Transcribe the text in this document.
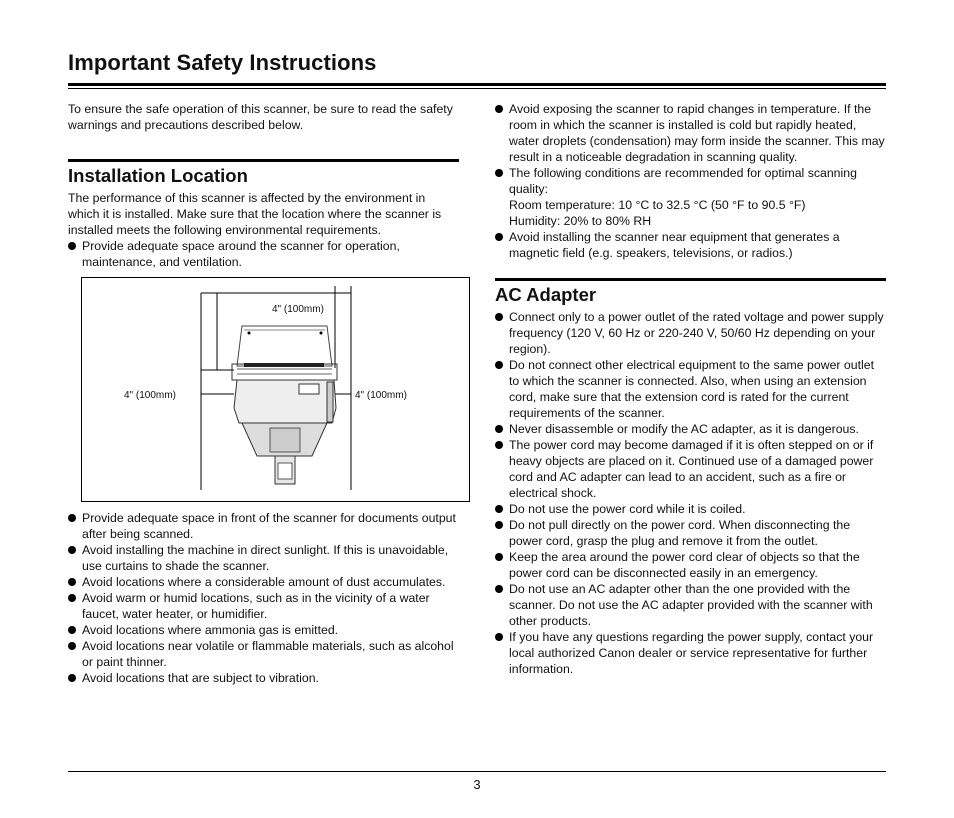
Important Safety Instructions

To ensure the safe operation of this scanner, be sure to read the safety warnings and precautions described below.

Installation Location

The performance of this scanner is affected by the environment in which it is installed. Make sure that the location where the scanner is installed meets the following environmental requirements.

Provide adequate space around the scanner for operation, maintenance, and ventilation.
4" (100mm)
4" (100mm)	4" (100mm)
Provide adequate space in front of the scanner for documents output after being scanned.
Avoid installing the machine in direct sunlight. If this is unavoidable, use curtains to shade the scanner.
Avoid locations where a considerable amount of dust accumulates.
Avoid warm or humid locations, such as in the vicinity of a water faucet, water heater, or humidifier.
Avoid locations where ammonia gas is emitted.
Avoid locations near volatile or flammable materials, such as alcohol or paint thinner.
Avoid locations that are subject to vibration.
Avoid exposing the scanner to rapid changes in temperature. If the room in which the scanner is installed is cold but rapidly heated, water droplets (condensation) may form inside the scanner. This may result in a noticeable degradation in scanning quality.
The following conditions are recommended for optimal scanning quality:

Room temperature: 10 °C to 32.5 °C (50 °F to 90.5 °F)

Humidity: 20% to 80% RH

Avoid installing the scanner near equipment that generates a magnetic field (e.g. speakers, televisions, or radios.)
AC Adapter
Connect only to a power outlet of the rated voltage and power supply frequency (120 V, 60 Hz or 220-240 V, 50/60 Hz depending on your region).
Do not connect other electrical equipment to the same power outlet to which the scanner is connected. Also, when using an extension cord, make sure that the extension cord is rated for the current requirements of the scanner.
Never disassemble or modify the AC adapter, as it is dangerous.
The power cord may become damaged if it is often stepped on or if heavy objects are placed on it. Continued use of a damaged power cord and AC adapter can lead to an accident, such as a fire or electrical shock.
Do not use the power cord while it is coiled.
Do not pull directly on the power cord. When disconnecting the power cord, grasp the plug and remove it from the outlet.
Keep the area around the power cord clear of objects so that the power cord can be disconnected easily in an emergency.
Do not use an AC adapter other than the one provided with the scanner. Do not use the AC adapter provided with the scanner with other products.
If you have any questions regarding the power supply, contact your local authorized Canon dealer or service representative for further information.
3
